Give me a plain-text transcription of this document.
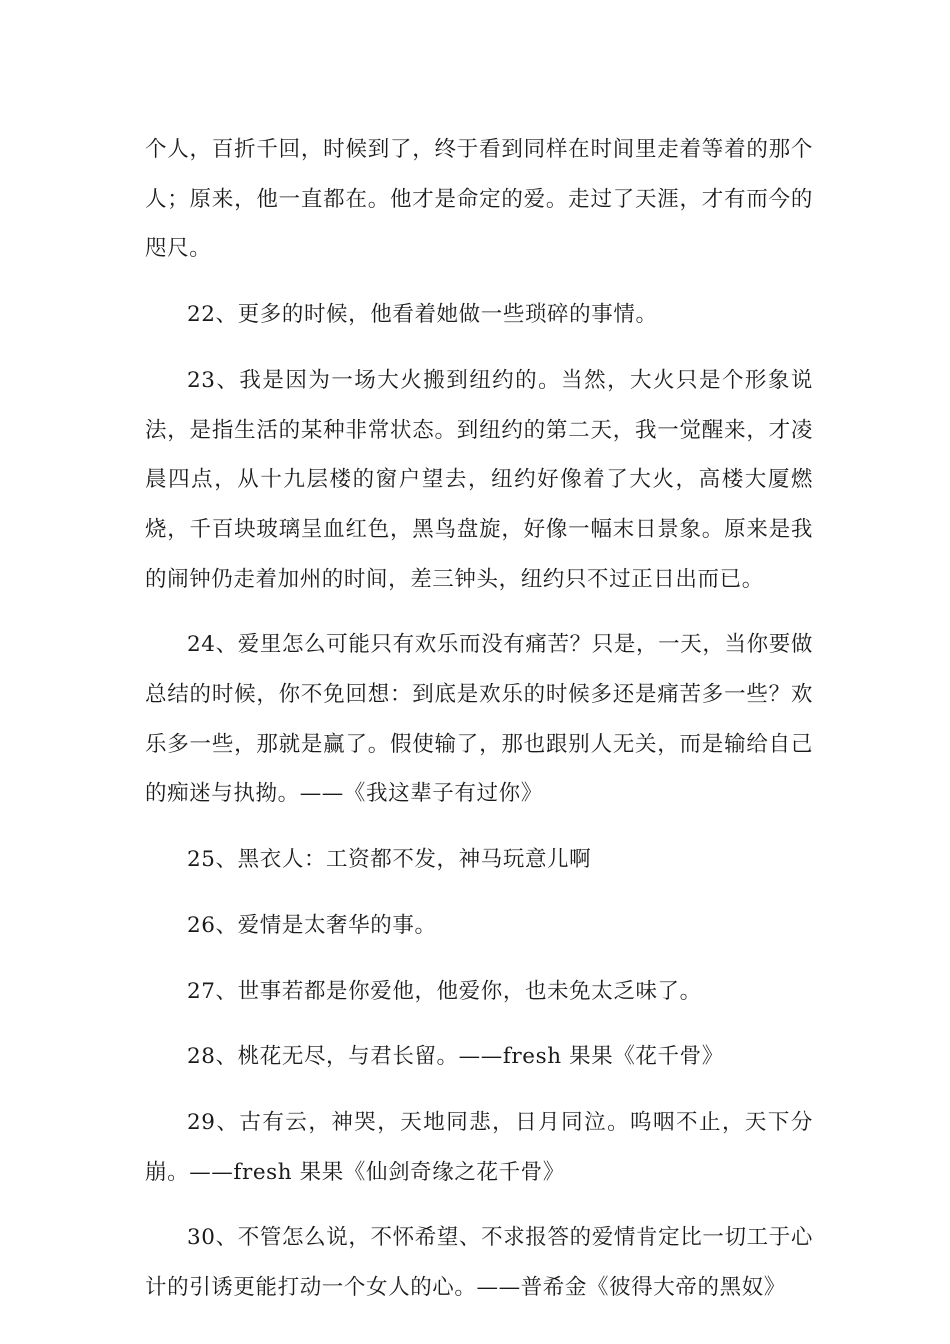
个人，百折千回，时候到了，终于看到同样在时间里走着等着的那个人；原来，他一直都在。他才是命定的爱。走过了天涯，才有而今的咫尺。

22、更多的时候，他看着她做一些琐碎的事情。

23、我是因为一场大火搬到纽约的。当然，大火只是个形象说法，是指生活的某种非常状态。到纽约的第二天，我一觉醒来，才凌晨四点，从十九层楼的窗户望去，纽约好像着了大火，高楼大厦燃烧，千百块玻璃呈血红色，黑鸟盘旋，好像一幅末日景象。原来是我的闹钟仍走着加州的时间，差三钟头，纽约只不过正日出而已。

24、爱里怎么可能只有欢乐而没有痛苦？只是，一天，当你要做总结的时候，你不免回想：到底是欢乐的时候多还是痛苦多一些？欢乐多一些，那就是赢了。假使输了，那也跟别人无关，而是输给自己的痴迷与执拗。——《我这辈子有过你》

25、黑衣人：工资都不发，神马玩意儿啊

26、爱情是太奢华的事。

27、世事若都是你爱他，他爱你，也未免太乏味了。

28、桃花无尽，与君长留。——fresh 果果《花千骨》

29、古有云，神哭，天地同悲，日月同泣。呜咽不止，天下分崩。——fresh 果果《仙剑奇缘之花千骨》

30、不管怎么说，不怀希望、不求报答的爱情肯定比一切工于心计的引诱更能打动一个女人的心。——普希金《彼得大帝的黑奴》
